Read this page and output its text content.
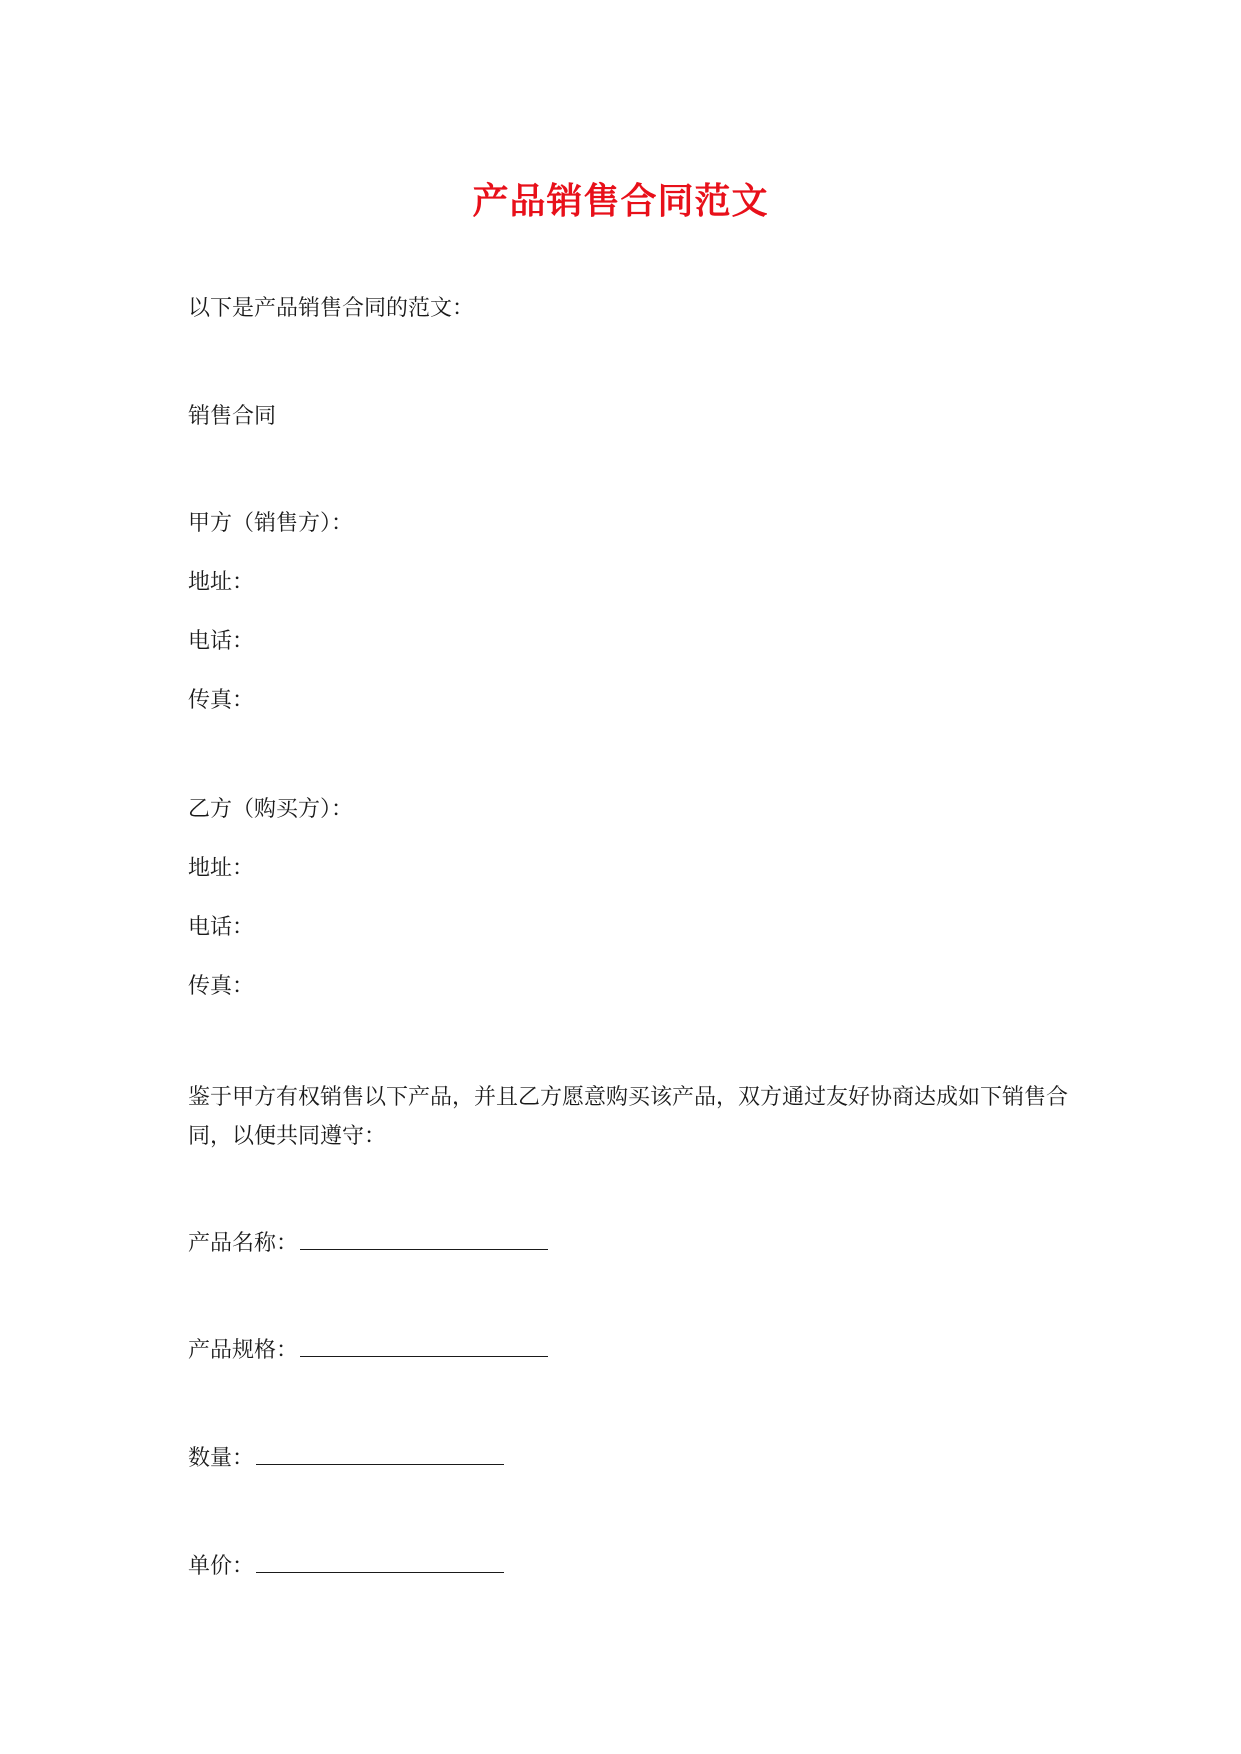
产品销售合同范文
以下是产品销售合同的范文：
销售合同
甲方（销售方）：
地址：
电话：
传真：
乙方（购买方）：
地址：
电话：
传真：
鉴于甲方有权销售以下产品，并且乙方愿意购买该产品，双方通过友好协商达成如下销售合同，以便共同遵守：
产品名称：
产品规格：
数量：
单价：
